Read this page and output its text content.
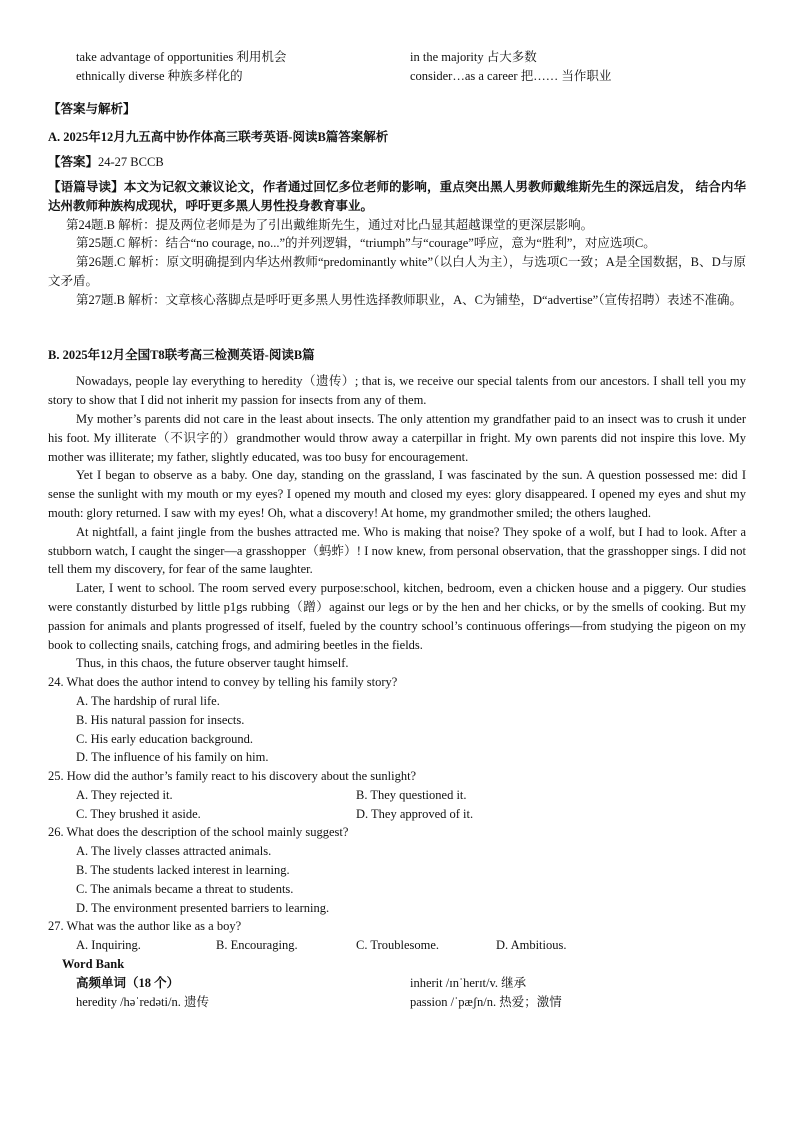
take advantage of opportunities 利用机会	in the majority 占大多数
ethnically diverse 种族多样化的	consider…as a career 把…… 当作职业
【答案与解析】
A. 2025年12月九五高中协作体高三联考英语-阅读B篇答案解析
【答案】24-27 BCCB

【语篇导读】本文为记叙文兼议论文，作者通过回忆多位老师的影响，重点突出黑人男教师戴维斯先生的深远启发， 结合内华达州教师种族构成现状，呼吁更多黑人男性投身教育事业。

第24题.B 解析：提及两位老师是为了引出戴维斯先生，通过对比凸显其超越课堂的更深层影响。

第25题.C 解析：结合“no courage, no...”的并列逻辑，“triumph”与“courage”呼应，意为“胜利”，对应选项C。

第26题.C 解析：原文明确提到内华达州教师“predominantly white”（以白人为主），与选项C一致；A是全国数据，B、D与原文矛盾。

第27题.B 解析：文章核心落脚点是呼吁更多黑人男性选择教师职业，A、C为铺垫，D“advertise”（宣传招聘）表述不准确。

B. 2025年12月全国T8联考高三检测英语-阅读B篇

Nowadays, people lay everything to heredity（遗传）; that is, we receive our special talents from our ancestors. I shall tell you my story to show that I did not inherit my passion for insects from any of them.

My mother’s parents did not care in the least about insects. The only attention my grandfather paid to an insect was to crush it under his foot. My illiterate（不识字的）grandmother would throw away a caterpillar in fright. My own parents did not inspire this love. My mother was illiterate; my father, slightly educated, was too busy for encouragement.

Yet I began to observe as a baby. One day, standing on the grassland, I was fascinated by the sun. A question possessed me: did I sense the sunlight with my mouth or my eyes? I opened my mouth and closed my eyes: glory disappeared. I opened my eyes and shut my mouth: glory returned. I saw with my eyes! Oh, what a discovery! At home, my grandmother smiled; the others laughed.

At nightfall, a faint jingle from the bushes attracted me. Who is making that noise? They spoke of a wolf, but I had to look. After a stubborn watch, I caught the singer—a grasshopper（蚂蚱）! I now knew, from personal observation, that the grasshopper sings. I did not tell them my discovery, for fear of the same laughter.

Later, I went to school. The room served every purpose:school, kitchen, bedroom, even a chicken house and a piggery. Our studies were constantly disturbed by little p1gs rubbing（蹭）against our legs or by the hen and her chicks, or by the smells of cooking. But my passion for animals and plants progressed of itself, fueled by the country school’s continuous offerings—from studying the pigeon on my book to collecting snails, catching frogs, and admiring beetles in the fields.

Thus, in this chaos, the future observer taught himself.

24. What does the author intend to convey by telling his family story?
A. The hardship of rural life.
B. His natural passion for insects.
C. His early education background.
D. The influence of his family on him.
25. How did the author’s family react to his discovery about the sunlight?
A. They rejected it.	B. They questioned it.
C. They brushed it aside.	D. They approved of it.
26. What does the description of the school mainly suggest?
A. The lively classes attracted animals.
B. The students lacked interest in learning.
C. The animals became a threat to students.
D. The environment presented barriers to learning.
27. What was the author like as a boy?
A. Inquiring.	B. Encouraging.	C. Troublesome.	D. Ambitious.
Word Bank
高频单词（18 个）	inherit /ɪnˈherɪt/v. 继承
heredity /həˈredəti/n. 遗传	passion /ˈpæʃn/n. 热爱；激情
